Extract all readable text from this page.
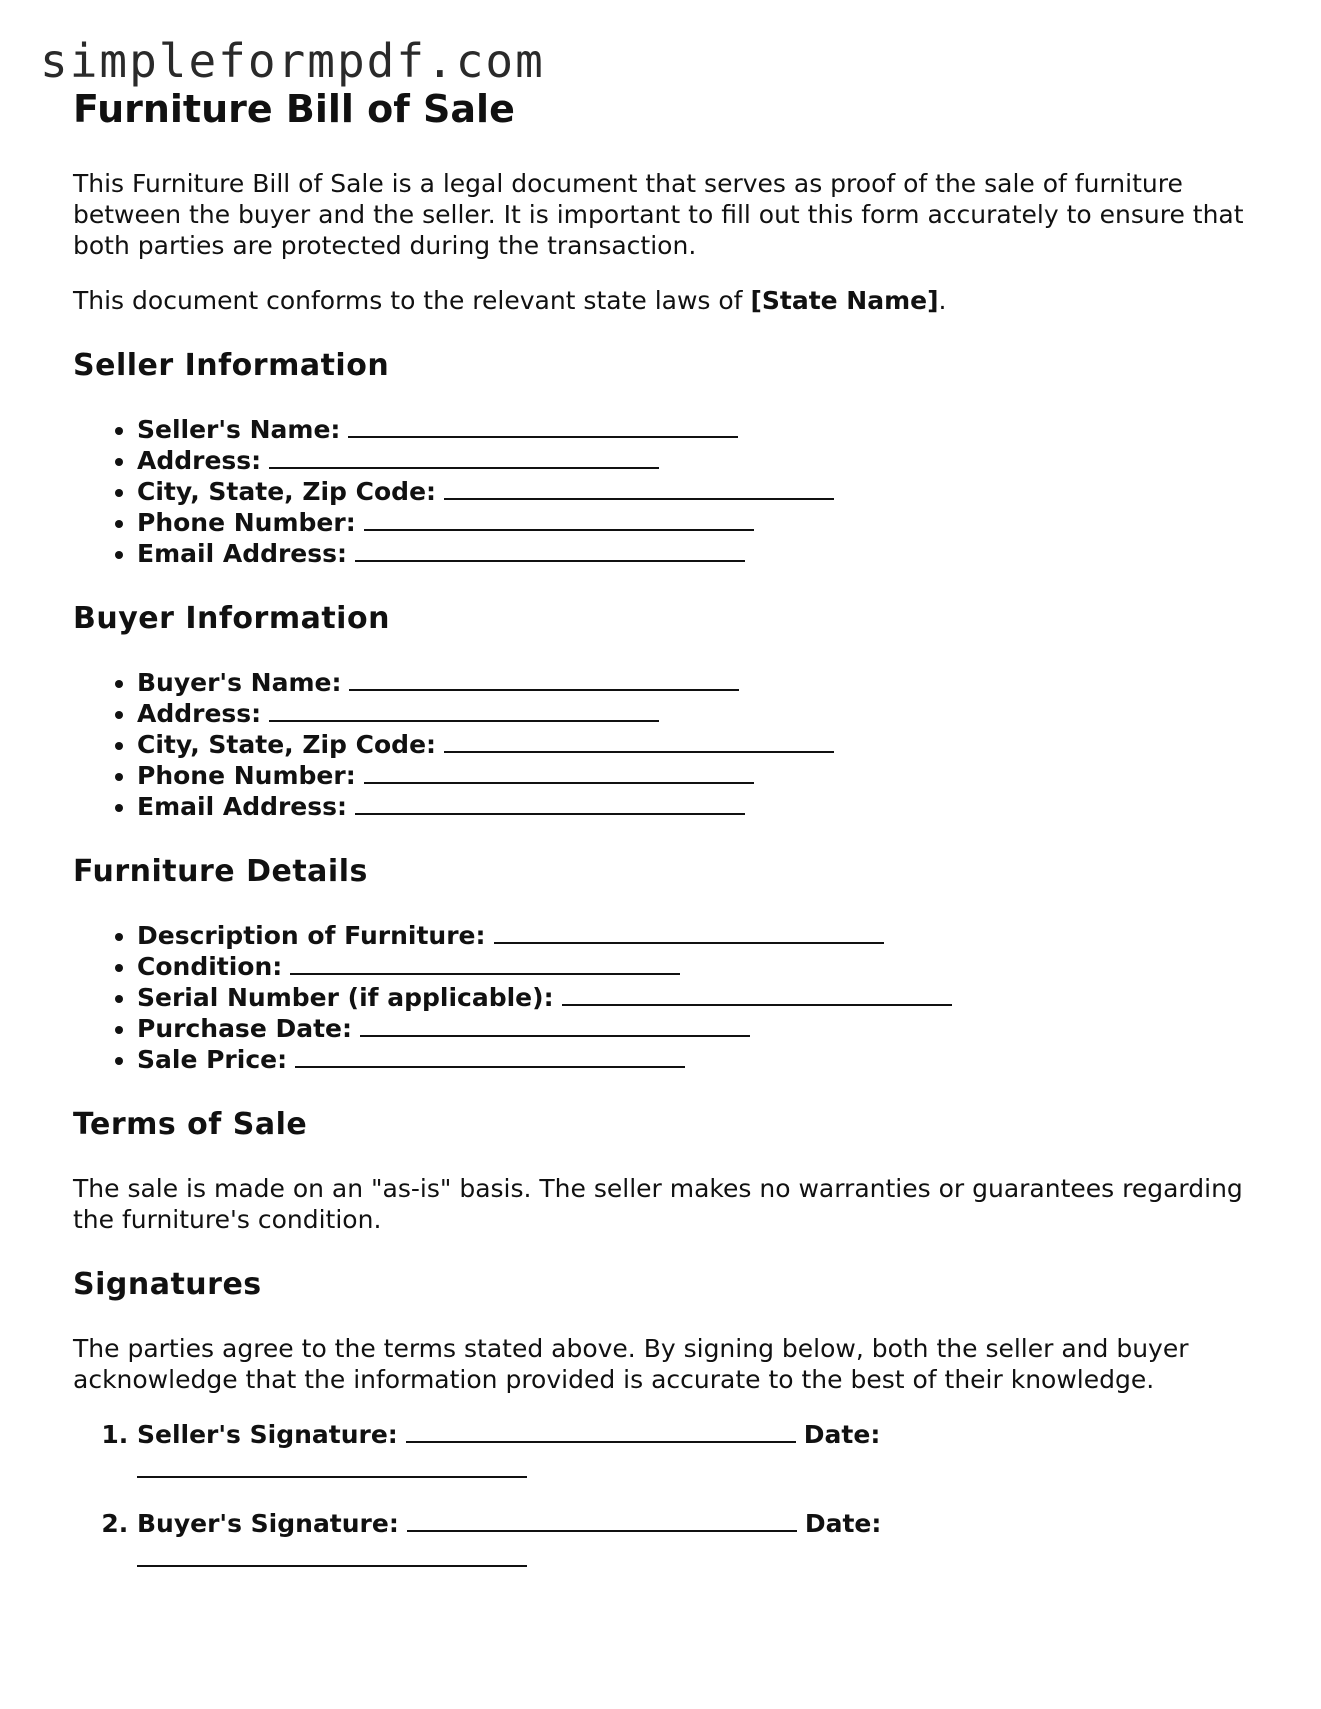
simpleformpdf.com
Furniture Bill of Sale

This Furniture Bill of Sale is a legal document that serves as proof of the sale of furniture between the buyer and the seller. It is important to fill out this form accurately to ensure that both parties are protected during the transaction.

This document conforms to the relevant state laws of [State Name].

Seller Information
• Seller's Name:
• Address:
• City, State, Zip Code:
• Phone Number:
• Email Address:
Buyer Information
• Buyer's Name:
• Address:
• City, State, Zip Code:
• Phone Number:
• Email Address:
Furniture Details
• Description of Furniture:
• Condition:
• Serial Number (if applicable):
• Purchase Date:
• Sale Price:
Terms of Sale

The sale is made on an "as-is" basis. The seller makes no warranties or guarantees regarding the furniture's condition.

Signatures

The parties agree to the terms stated above. By signing below, both the seller and buyer acknowledge that the information provided is accurate to the best of their knowledge.

1. Seller's Signature:	Date:
2. Buyer's Signature:	Date:
